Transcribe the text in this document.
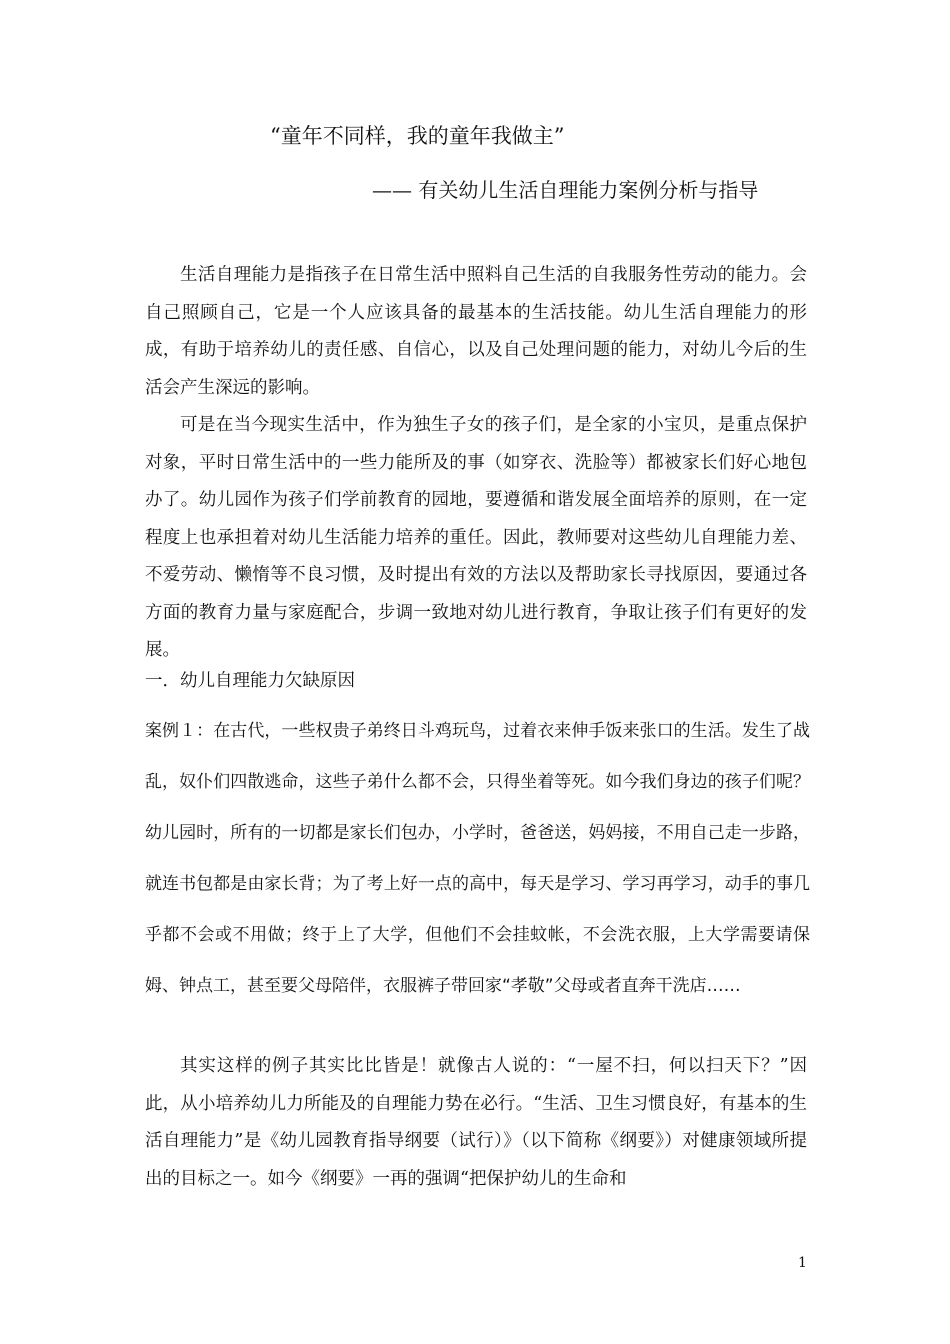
“童年不同样，我的童年我做主”
—— 有关幼儿生活自理能力案例分析与指导

生活自理能力是指孩子在日常生活中照料自己生活的自我服务性劳动的能力。会自己照顾自己，它是一个人应该具备的最基本的生活技能。幼儿生活自理能力的形成，有助于培养幼儿的责任感、自信心，以及自己处理问题的能力，对幼儿今后的生活会产生深远的影响。

可是在当今现实生活中，作为独生子女的孩子们，是全家的小宝贝，是重点保护对象，平时日常生活中的一些力能所及的事（如穿衣、洗脸等）都被家长们好心地包办了。幼儿园作为孩子们学前教育的园地，要遵循和谐发展全面培养的原则，在一定程度上也承担着对幼儿生活能力培养的重任。因此，教师要对这些幼儿自理能力差、不爱劳动、懒惰等不良习惯，及时提出有效的方法以及帮助家长寻找原因，要通过各方面的教育力量与家庭配合，步调一致地对幼儿进行教育，争取让孩子们有更好的发展。

一．幼儿自理能力欠缺原因
案例１：在古代，一些权贵子弟终日斗鸡玩鸟，过着衣来伸手饭来张口的生活。发生了战乱，奴仆们四散逃命，这些子弟什么都不会，只得坐着等死。如今我们身边的孩子们呢？幼儿园时，所有的一切都是家长们包办，小学时，爸爸送，妈妈接，不用自己走一步路，就连书包都是由家长背；为了考上好一点的高中，每天是学习、学习再学习，动手的事几乎都不会或不用做；终于上了大学，但他们不会挂蚊帐，不会洗衣服，上大学需要请保姆、钟点工，甚至要父母陪伴，衣服裤子带回家“孝敬”父母或者直奔干洗店……

其实这样的例子其实比比皆是！就像古人说的：“一屋不扫，何以扫天下？”因此，从小培养幼儿力所能及的自理能力势在必行。“生活、卫生习惯良好，有基本的生活自理能力”是《幼儿园教育指导纲要（试行）》（以下简称《纲要》）对健康领域所提出的目标之一。如今《纲要》一再的强调“把保护幼儿的生命和

1
